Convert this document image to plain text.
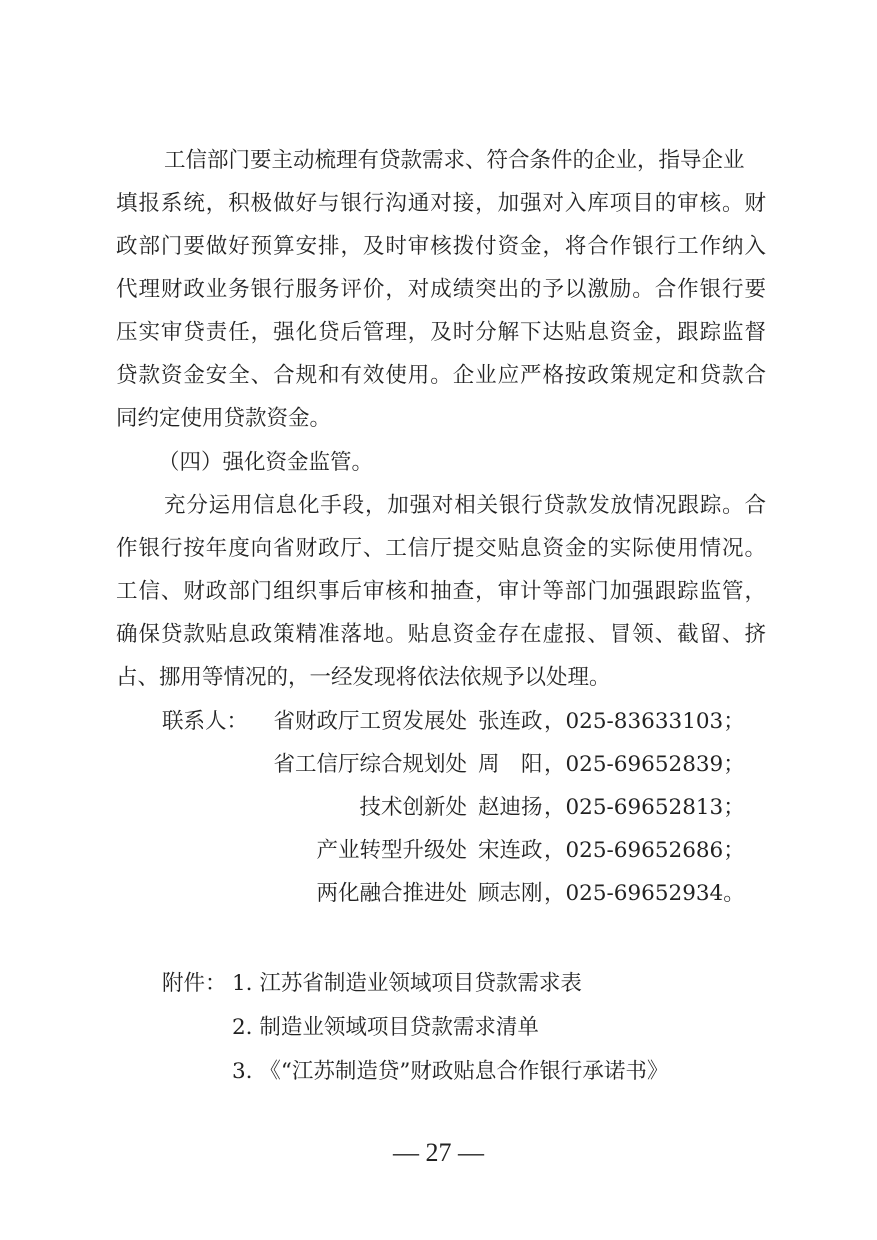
工信部门要主动梳理有贷款需求、符合条件的企业，指导企业
填报系统，积极做好与银行沟通对接，加强对入库项目的审核。财
政部门要做好预算安排，及时审核拨付资金，将合作银行工作纳入
代理财政业务银行服务评价，对成绩突出的予以激励。合作银行要
压实审贷责任，强化贷后管理，及时分解下达贴息资金，跟踪监督
贷款资金安全、合规和有效使用。企业应严格按政策规定和贷款合
同约定使用贷款资金。
（四）强化资金监管。
充分运用信息化手段，加强对相关银行贷款发放情况跟踪。合
作银行按年度向省财政厅、工信厅提交贴息资金的实际使用情况。
工信、财政部门组织事后审核和抽查，审计等部门加强跟踪监管，
确保贷款贴息政策精准落地。贴息资金存在虚报、冒领、截留、挤
占、挪用等情况的，一经发现将依法依规予以处理。
联系人： 省财政厅工贸发展处 张连政 ，025-83633103；
省工信厅综合规划处 周　阳 ，025-69652839；
技术创新处 赵迪扬 ，025-69652813；
产业转型升级处 宋连政 ，025-69652686；
两化融合推进处 顾志刚 ，025-69652934。
附件： 1. 江苏省制造业领域项目贷款需求表
2. 制造业领域项目贷款需求清单
3. 《“江苏制造贷”财政贴息合作银行承诺书》
— 27 —
